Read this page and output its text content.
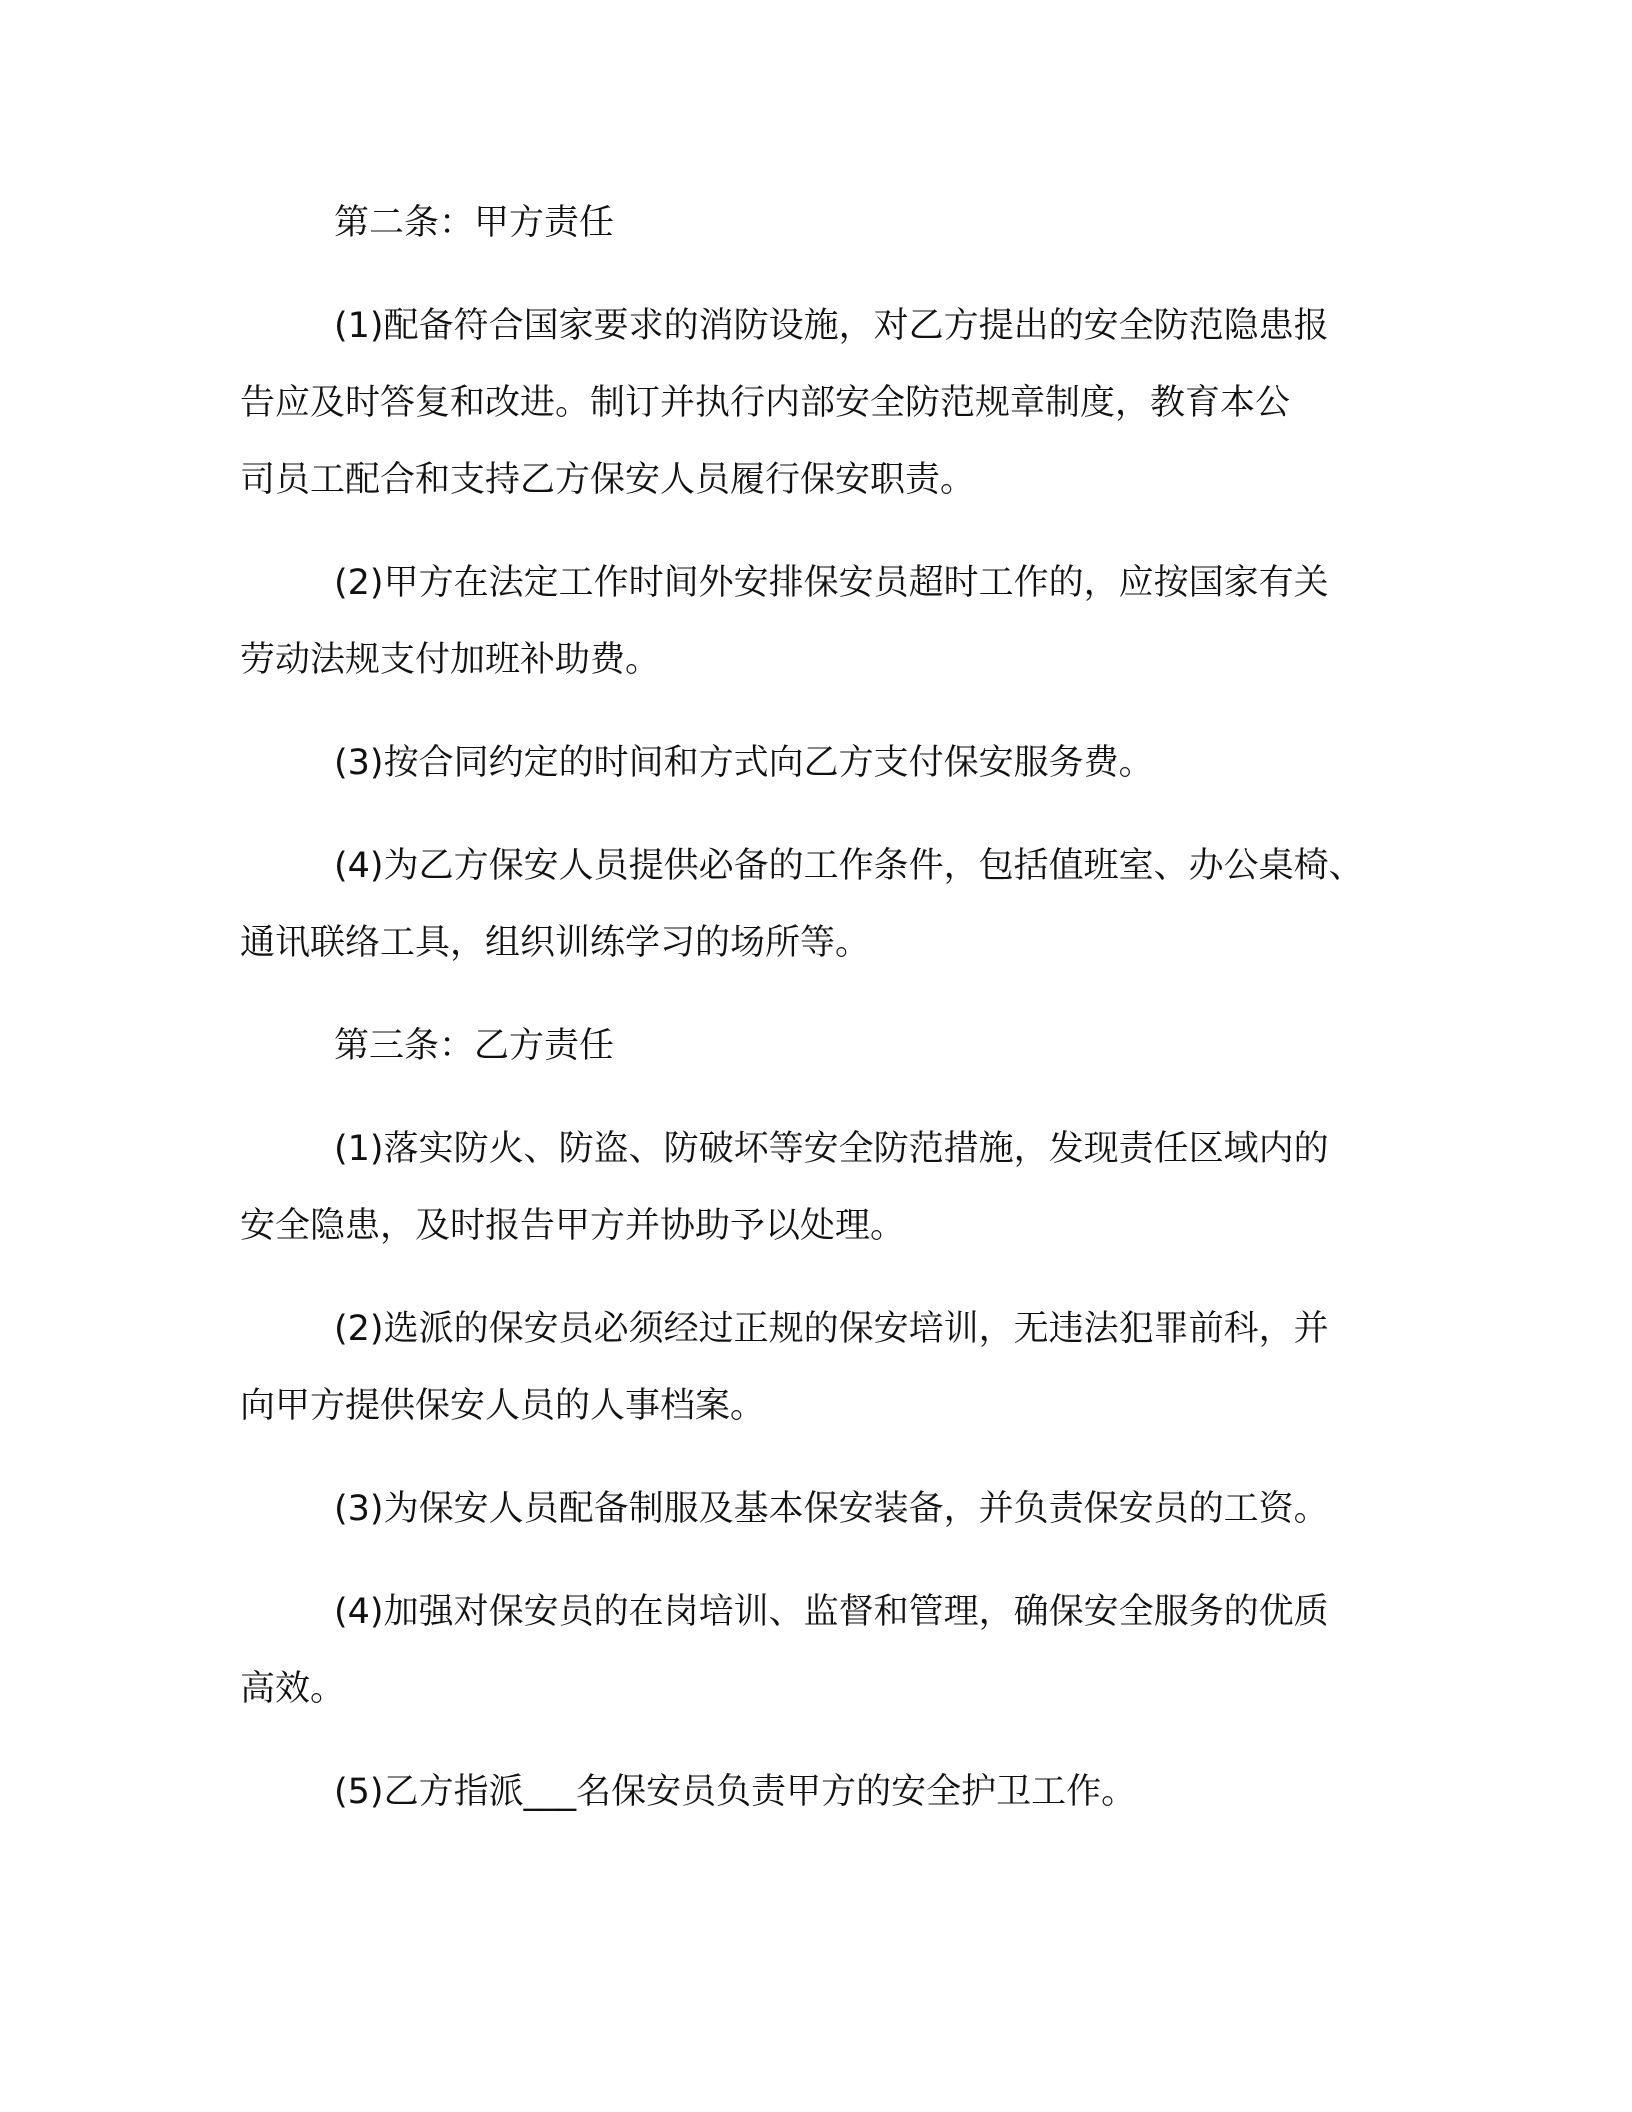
第二条：甲方责任

(1)配备符合国家要求的消防设施，对乙方提出的安全防范隐患报
告应及时答复和改进。制订并执行内部安全防范规章制度，教育本公
司员工配合和支持乙方保安人员履行保安职责。

(2)甲方在法定工作时间外安排保安员超时工作的，应按国家有关
劳动法规支付加班补助费。

(3)按合同约定的时间和方式向乙方支付保安服务费。

(4)为乙方保安人员提供必备的工作条件，包括值班室、办公桌椅、
通讯联络工具，组织训练学习的场所等。

第三条：乙方责任

(1)落实防火、防盗、防破坏等安全防范措施，发现责任区域内的
安全隐患，及时报告甲方并协助予以处理。

(2)选派的保安员必须经过正规的保安培训，无违法犯罪前科，并
向甲方提供保安人员的人事档案。

(3)为保安人员配备制服及基本保安装备，并负责保安员的工资。

(4)加强对保安员的在岗培训、监督和管理，确保安全服务的优质
高效。

(5)乙方指派___名保安员负责甲方的安全护卫工作。
